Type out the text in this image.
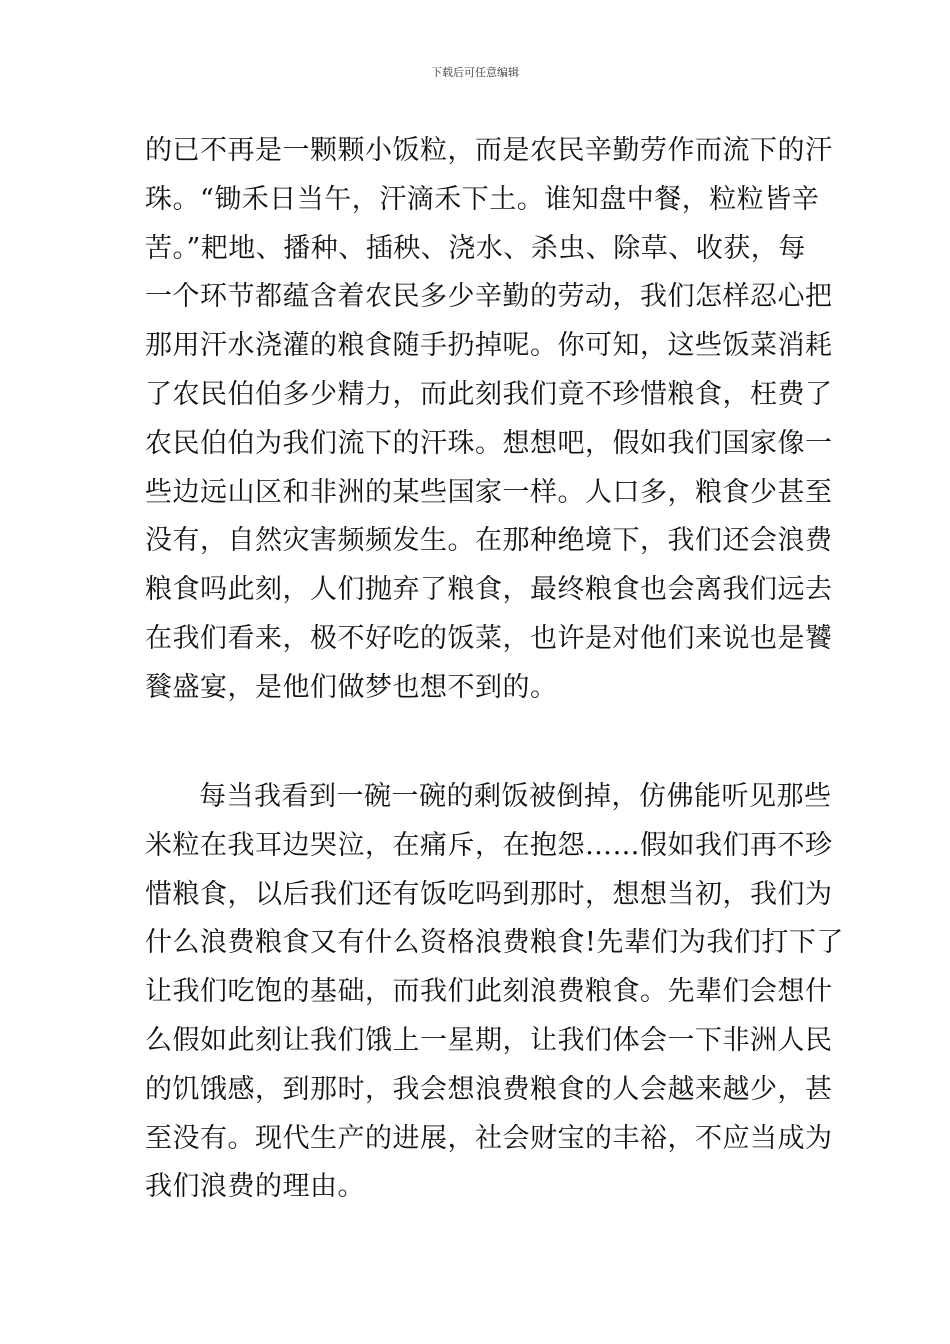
下载后可任意编辑
的已不再是一颗颗小饭粒，而是农民辛勤劳作而流下的汗
珠。“锄禾日当午，汗滴禾下土。谁知盘中餐，粒粒皆辛
苦。”耙地、播种、插秧、浇水、杀虫、除草、收获，每
一个环节都蕴含着农民多少辛勤的劳动，我们怎样忍心把
那用汗水浇灌的粮食随手扔掉呢。你可知，这些饭菜消耗
了农民伯伯多少精力，而此刻我们竟不珍惜粮食，枉费了
农民伯伯为我们流下的汗珠。想想吧，假如我们国家像一
些边远山区和非洲的某些国家一样。人口多，粮食少甚至
没有，自然灾害频频发生。在那种绝境下，我们还会浪费
粮食吗此刻，人们抛弃了粮食，最终粮食也会离我们远去
在我们看来，极不好吃的饭菜，也许是对他们来说也是饕
餮盛宴，是他们做梦也想不到的。
每当我看到一碗一碗的剩饭被倒掉，仿佛能听见那些
米粒在我耳边哭泣，在痛斥，在抱怨……假如我们再不珍
惜粮食，以后我们还有饭吃吗到那时，想想当初，我们为
什么浪费粮食又有什么资格浪费粮食!先辈们为我们打下了
让我们吃饱的基础，而我们此刻浪费粮食。先辈们会想什
么假如此刻让我们饿上一星期，让我们体会一下非洲人民
的饥饿感，到那时，我会想浪费粮食的人会越来越少，甚
至没有。现代生产的进展，社会财宝的丰裕，不应当成为
我们浪费的理由。
